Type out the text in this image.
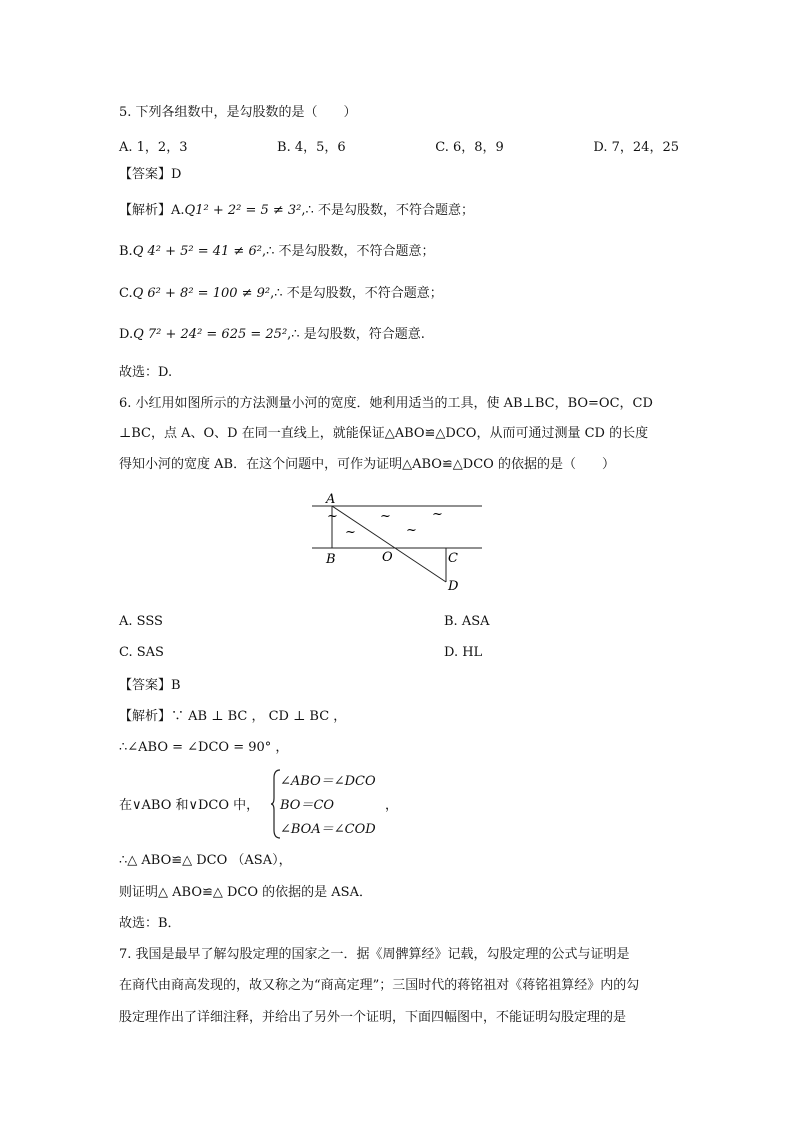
5. 下列各组数中，是勾股数的是（　　）
A. 1，2，3	B. 4，5，6	C. 6，8，9	D. 7，24，25
【答案】D
【解析】A.Q1² + 2² = 5 ≠ 3²,∴ 不是勾股数，不符合题意；
B.Q 4² + 5² = 41 ≠ 6²,∴ 不是勾股数，不符合题意；
C.Q 6² + 8² = 100 ≠ 9²,∴ 不是勾股数，不符合题意；
D.Q 7² + 24² = 625 = 25²,∴ 是勾股数，符合题意.
故选：D.
6. 小红用如图所示的方法测量小河的宽度．她利用适当的工具，使 AB⊥BC，BO=OC，CD
⊥BC，点 A、O、D 在同一直线上，就能保证△ABO≌△DCO，从而可通过测量 CD 的长度
得知小河的宽度 AB．在这个问题中，可作为证明△ABO≌△DCO 的依据的是（　　）
A
B	O	C
D
~	~	~
~	~
A. SSS	B. ASA
C. SAS	D. HL
【答案】B
【解析】∵ AB ⊥ BC ， CD ⊥ BC ，
∴∠ABO = ∠DCO = 90° ，
在∨ABO 和∨DCO 中，
∠ABO＝∠DCO
BO＝CO
∠BOA＝∠COD
，
∴△ ABO≌△ DCO （ASA），
则证明△ ABO≌△ DCO 的依据的是 ASA．
故选：B．
7. 我国是最早了解勾股定理的国家之一．据《周髀算经》记载，勾股定理的公式与证明是
在商代由商高发现的，故又称之为“商高定理”；三国时代的蒋铭祖对《蒋铭祖算经》内的勾
股定理作出了详细注释，并给出了另外一个证明，下面四幅图中，不能证明勾股定理的是
